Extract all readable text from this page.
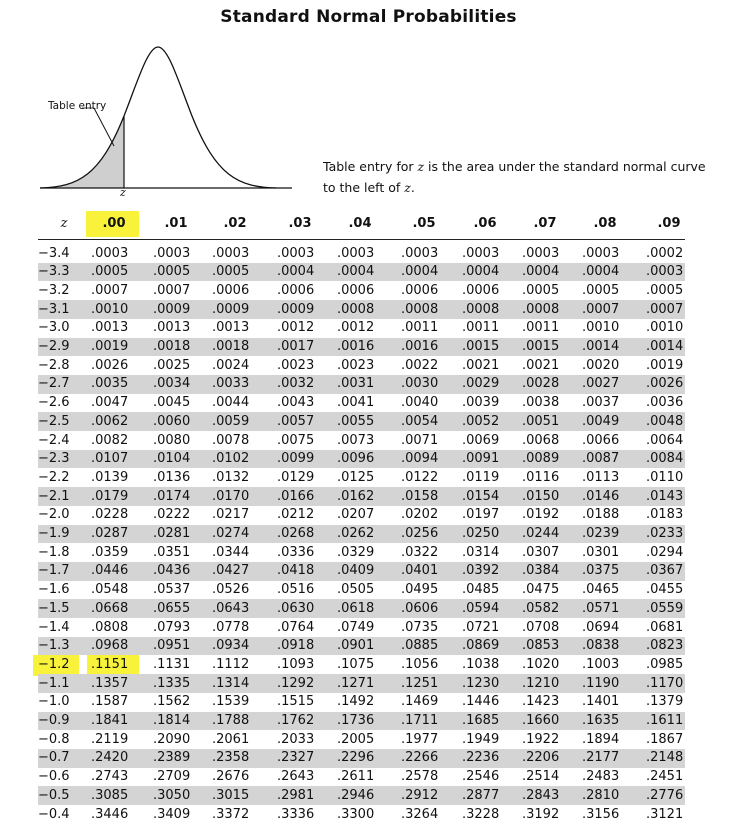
Standard Normal Probabilities
Table entry
z
Table entry for z is the area under the standard normal curve
to the left of z.
z	.00	.01	.02	.03	.04	.05	.06	.07	.08	.09
−3.4	.0003 .0003 .0003 .0003 .0003 .0003 .0003 .0003 .0003 .0002
−3.3	.0005 .0005 .0005 .0004 .0004 .0004 .0004 .0004 .0004 .0003
−3.2	.0007 .0007 .0006 .0006 .0006 .0006 .0006 .0005 .0005 .0005
−3.1	.0010 .0009 .0009 .0009 .0008 .0008 .0008 .0008 .0007 .0007
−3.0	.0013 .0013 .0013 .0012 .0012 .0011 .0011 .0011 .0010 .0010
−2.9	.0019 .0018 .0018 .0017 .0016 .0016 .0015 .0015 .0014 .0014
−2.8	.0026 .0025 .0024 .0023 .0023 .0022 .0021 .0021 .0020 .0019
−2.7	.0035 .0034 .0033 .0032 .0031 .0030 .0029 .0028 .0027 .0026
−2.6	.0047 .0045 .0044 .0043 .0041 .0040 .0039 .0038 .0037 .0036
−2.5	.0062 .0060 .0059 .0057 .0055 .0054 .0052 .0051 .0049 .0048
−2.4	.0082 .0080 .0078 .0075 .0073 .0071 .0069 .0068 .0066 .0064
−2.3	.0107 .0104 .0102 .0099 .0096 .0094 .0091 .0089 .0087 .0084
−2.2	.0139 .0136 .0132 .0129 .0125 .0122 .0119 .0116 .0113 .0110
−2.1	.0179 .0174 .0170 .0166 .0162 .0158 .0154 .0150 .0146 .0143
−2.0	.0228 .0222 .0217 .0212 .0207 .0202 .0197 .0192 .0188 .0183
−1.9	.0287 .0281 .0274 .0268 .0262 .0256 .0250 .0244 .0239 .0233
−1.8	.0359 .0351 .0344 .0336 .0329 .0322 .0314 .0307 .0301 .0294
−1.7	.0446 .0436 .0427 .0418 .0409 .0401 .0392 .0384 .0375 .0367
−1.6	.0548 .0537 .0526 .0516 .0505 .0495 .0485 .0475 .0465 .0455
−1.5	.0668 .0655 .0643 .0630 .0618 .0606 .0594 .0582 .0571 .0559
−1.4	.0808 .0793 .0778 .0764 .0749 .0735 .0721 .0708 .0694 .0681
−1.3	.0968 .0951 .0934 .0918 .0901 .0885 .0869 .0853 .0838 .0823
−1.2	.1151 .1131 .1112 .1093 .1075 .1056 .1038 .1020 .1003 .0985
−1.1	.1357 .1335 .1314 .1292 .1271 .1251 .1230 .1210 .1190 .1170
−1.0	.1587 .1562 .1539 .1515 .1492 .1469 .1446 .1423 .1401 .1379
−0.9	.1841 .1814 .1788 .1762 .1736 .1711 .1685 .1660 .1635 .1611
−0.8	.2119 .2090 .2061 .2033 .2005 .1977 .1949 .1922 .1894 .1867
−0.7	.2420 .2389 .2358 .2327 .2296 .2266 .2236 .2206 .2177 .2148
−0.6	.2743 .2709 .2676 .2643 .2611 .2578 .2546 .2514 .2483 .2451
−0.5	.3085 .3050 .3015 .2981 .2946 .2912 .2877 .2843 .2810 .2776
−0.4	.3446 .3409 .3372 .3336 .3300 .3264 .3228 .3192 .3156 .3121
